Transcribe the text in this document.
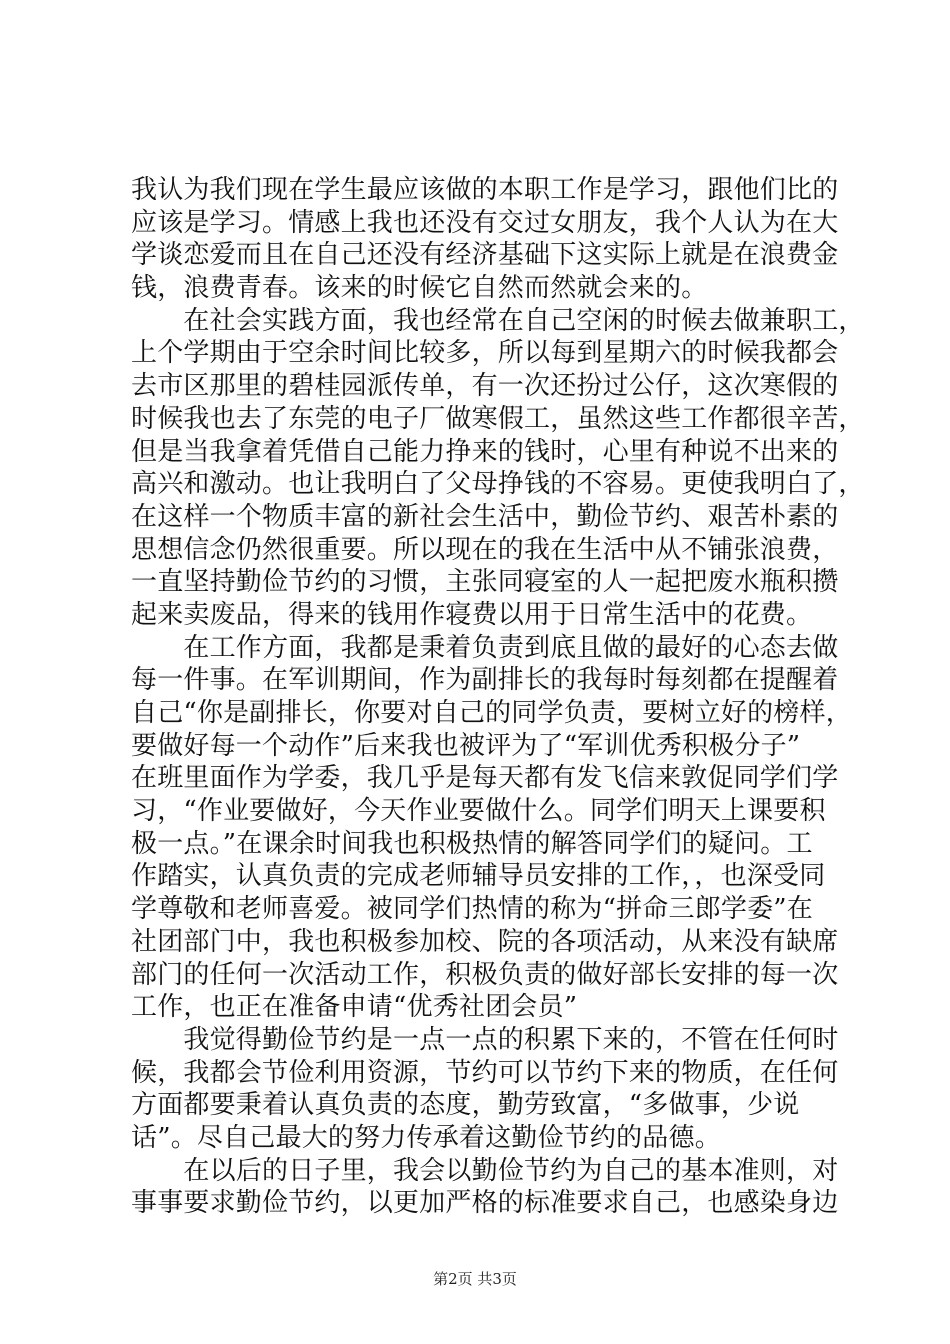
我认为我们现在学生最应该做的本职工作是学习，跟他们比的
应该是学习。情感上我也还没有交过女朋友，我个人认为在大
学谈恋爱而且在自己还没有经济基础下这实际上就是在浪费金
钱，浪费青春。该来的时候它自然而然就会来的。
　　在社会实践方面，我也经常在自己空闲的时候去做兼职工，
上个学期由于空余时间比较多，所以每到星期六的时候我都会
去市区那里的碧桂园派传单，有一次还扮过公仔，这次寒假的
时候我也去了东莞的电子厂做寒假工，虽然这些工作都很辛苦，
但是当我拿着凭借自己能力挣来的钱时，心里有种说不出来的
高兴和激动。也让我明白了父母挣钱的不容易。更使我明白了，
在这样一个物质丰富的新社会生活中，勤俭节约、艰苦朴素的
思想信念仍然很重要。所以现在的我在生活中从不铺张浪费，
一直坚持勤俭节约的习惯，主张同寝室的人一起把废水瓶积攒
起来卖废品，得来的钱用作寝费以用于日常生活中的花费。
　　在工作方面，我都是秉着负责到底且做的最好的心态去做
每一件事。在军训期间，作为副排长的我每时每刻都在提醒着
自己“你是副排长，你要对自己的同学负责，要树立好的榜样，
要做好每一个动作”后来我也被评为了“军训优秀积极分子”
在班里面作为学委，我几乎是每天都有发飞信来敦促同学们学
习，“作业要做好，今天作业要做什么。同学们明天上课要积
极一点。”在课余时间我也积极热情的解答同学们的疑问。工
作踏实，认真负责的完成老师辅导员安排的工作，，也深受同
学尊敬和老师喜爱。被同学们热情的称为“拼命三郎学委”在
社团部门中，我也积极参加校、院的各项活动，从来没有缺席
部门的任何一次活动工作，积极负责的做好部长安排的每一次
工作，也正在准备申请“优秀社团会员”
　　我觉得勤俭节约是一点一点的积累下来的，不管在任何时
候，我都会节俭利用资源，节约可以节约下来的物质，在任何
方面都要秉着认真负责的态度，勤劳致富，“多做事，少说
话”。尽自己最大的努力传承着这勤俭节约的品德。
　　在以后的日子里，我会以勤俭节约为自己的基本准则，对
事事要求勤俭节约，以更加严格的标准要求自己，也感染身边
第2页 共3页
